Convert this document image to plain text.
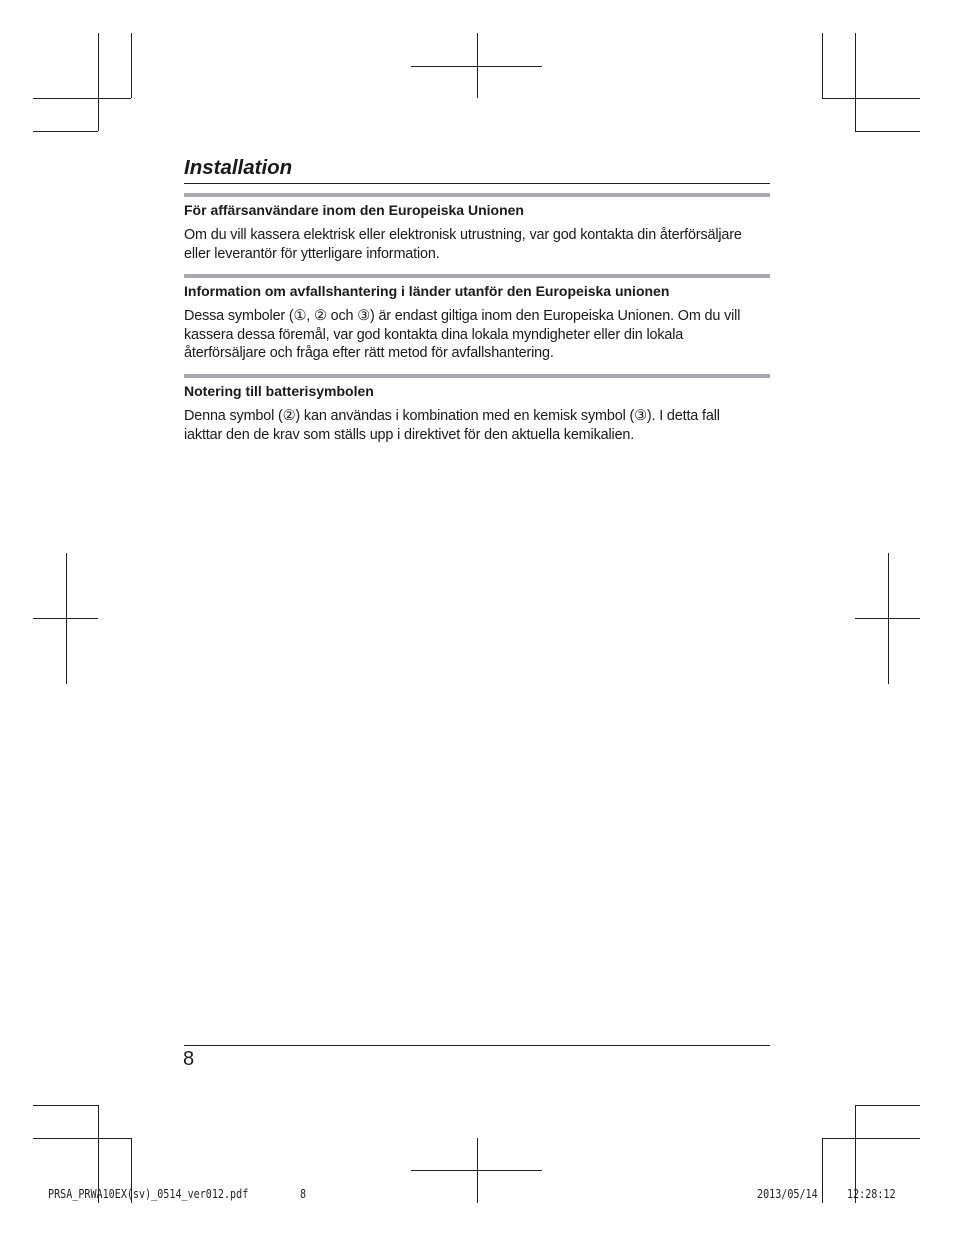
Installation
För affärsanvändare inom den Europeiska Unionen

Om du vill kassera elektrisk eller elektronisk utrustning, var god kontakta din återförsäljare
eller leverantör för ytterligare information.

Information om avfallshantering i länder utanför den Europeiska unionen

Dessa symboler (①, ② och ③) är endast giltiga inom den Europeiska Unionen. Om du vill
kassera dessa föremål, var god kontakta dina lokala myndigheter eller din lokala
återförsäljare och fråga efter rätt metod för avfallshantering.

Notering till batterisymbolen

Denna symbol (②) kan användas i kombination med en kemisk symbol (③). I detta fall
iakttar den de krav som ställs upp i direktivet för den aktuella kemikalien.

8
PRSA_PRWA10EX(sv)_0514_ver012.pdf	8	2013/05/14 12:28:12
